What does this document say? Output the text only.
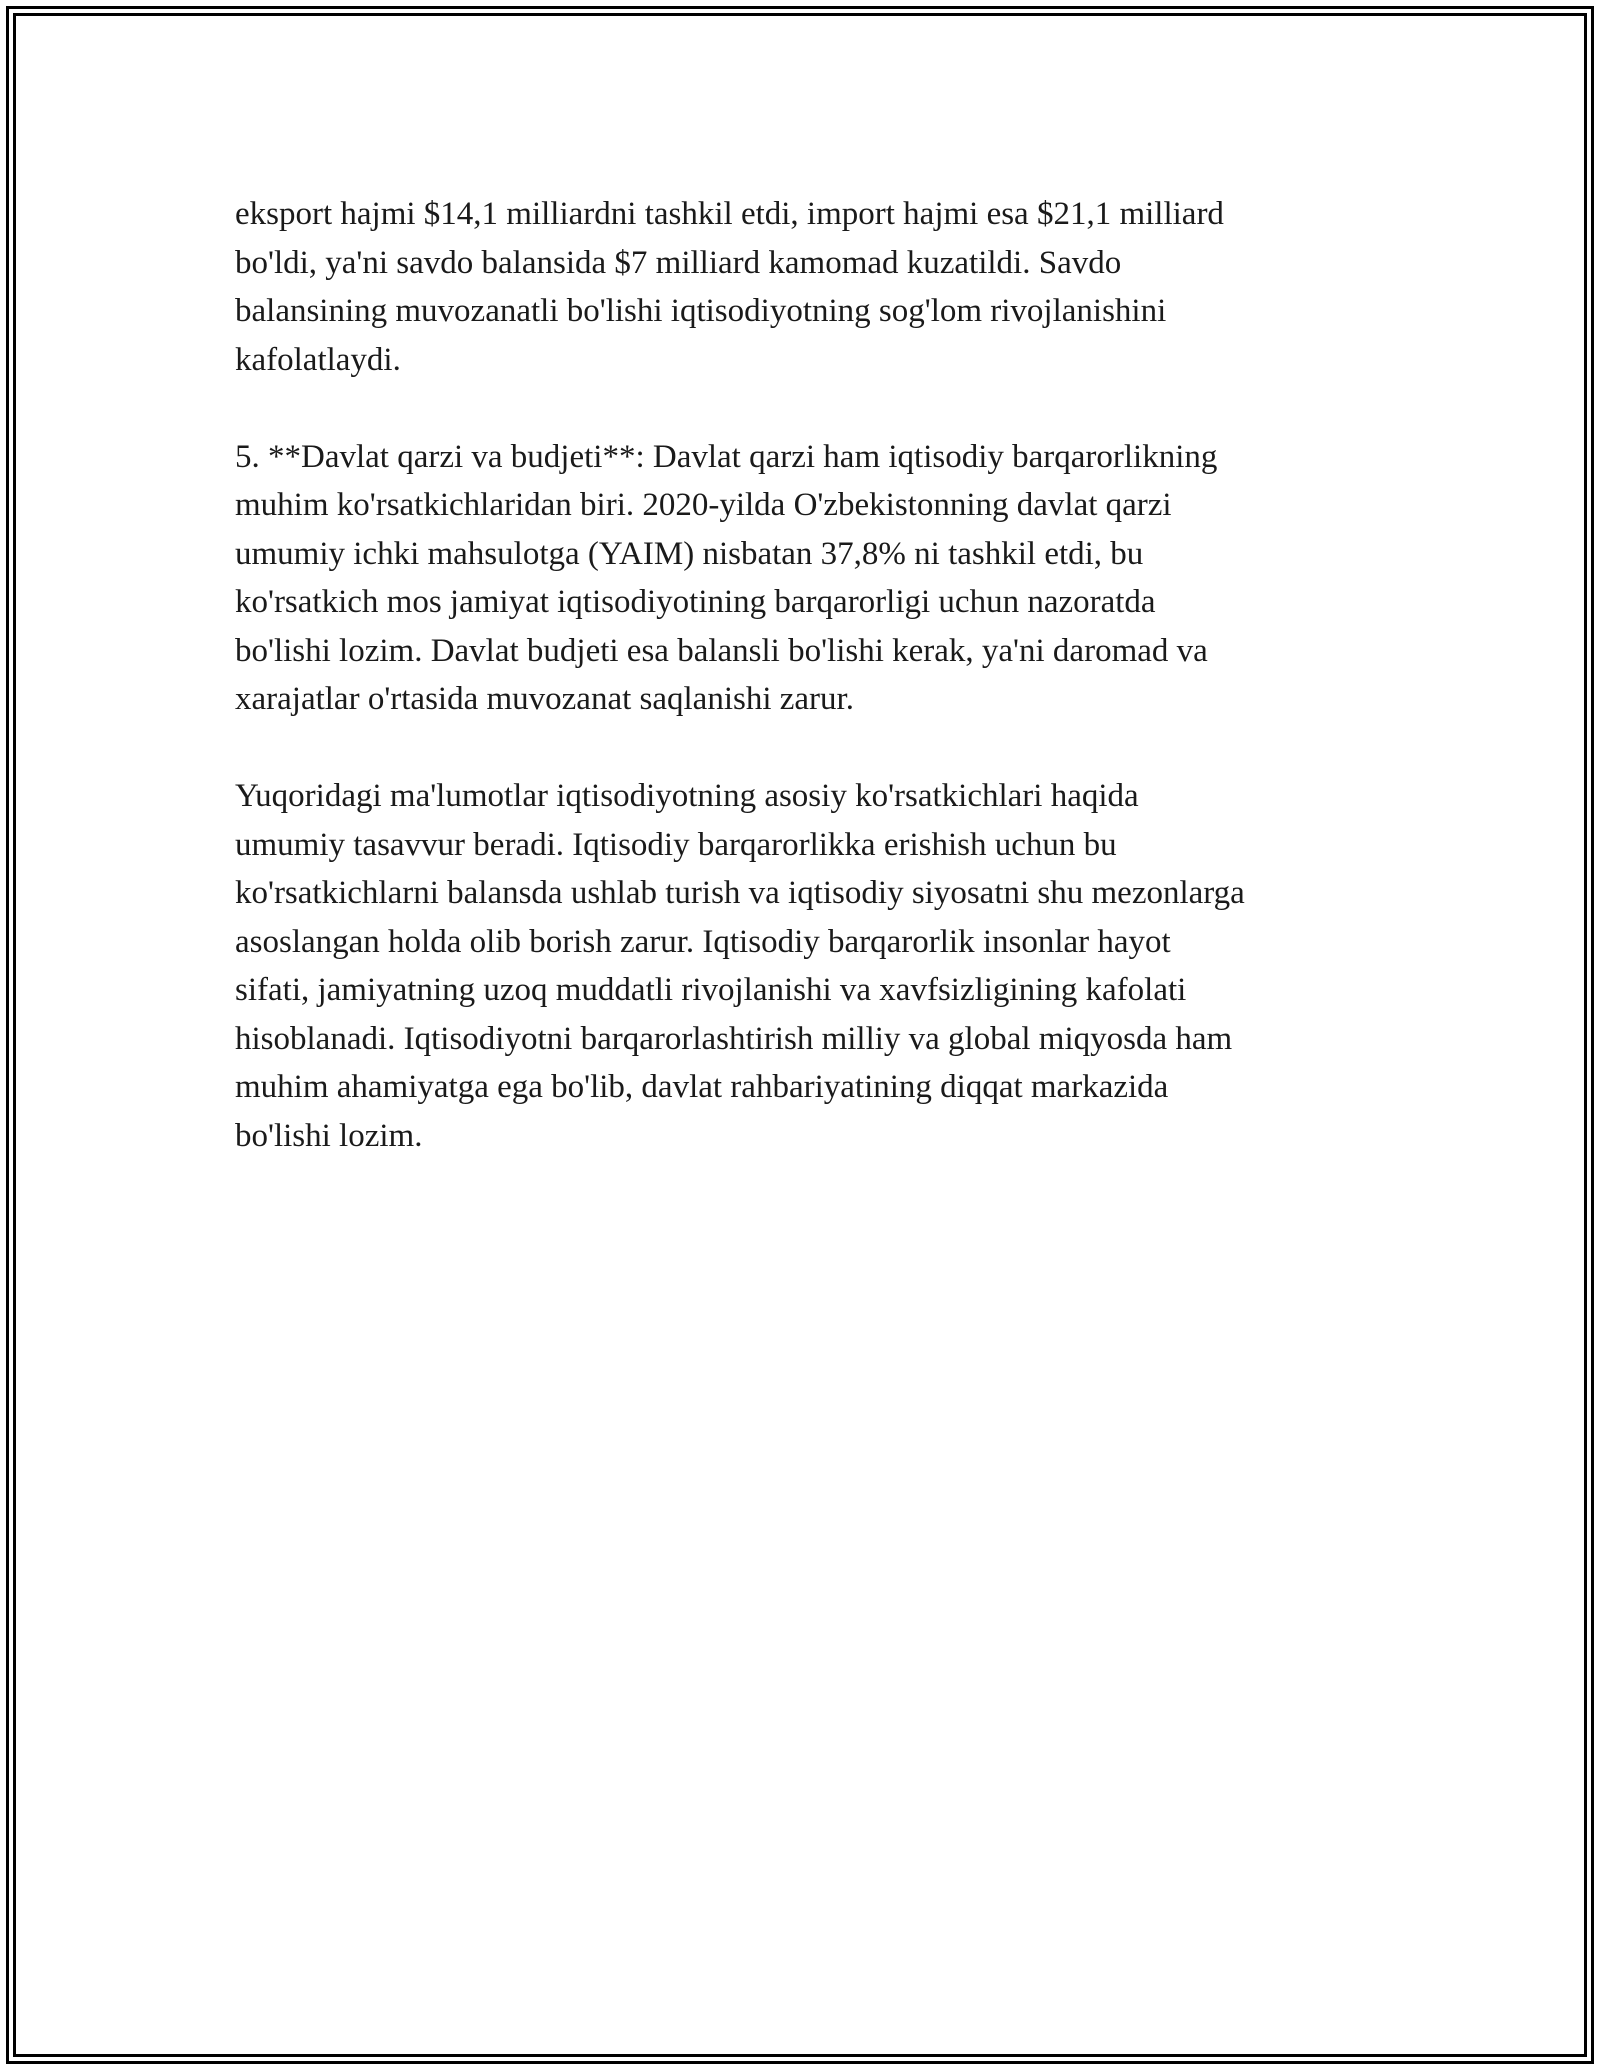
eksport hajmi $14,1 milliardni tashkil etdi, import hajmi esa $21,1 milliard
bo'ldi, ya'ni savdo balansida $7 milliard kamomad kuzatildi. Savdo
balansining muvozanatli bo'lishi iqtisodiyotning sog'lom rivojlanishini
kafolatlaydi.

5. **Davlat qarzi va budjeti**: Davlat qarzi ham iqtisodiy barqarorlikning
muhim ko'rsatkichlaridan biri. 2020-yilda O'zbekistonning davlat qarzi
umumiy ichki mahsulotga (YAIM) nisbatan 37,8% ni tashkil etdi, bu
ko'rsatkich mos jamiyat iqtisodiyotining barqarorligi uchun nazoratda
bo'lishi lozim. Davlat budjeti esa balansli bo'lishi kerak, ya'ni daromad va
xarajatlar o'rtasida muvozanat saqlanishi zarur.

Yuqoridagi ma'lumotlar iqtisodiyotning asosiy ko'rsatkichlari haqida
umumiy tasavvur beradi. Iqtisodiy barqarorlikka erishish uchun bu
ko'rsatkichlarni balansda ushlab turish va iqtisodiy siyosatni shu mezonlarga
asoslangan holda olib borish zarur. Iqtisodiy barqarorlik insonlar hayot
sifati, jamiyatning uzoq muddatli rivojlanishi va xavfsizligining kafolati
hisoblanadi. Iqtisodiyotni barqarorlashtirish milliy va global miqyosda ham
muhim ahamiyatga ega bo'lib, davlat rahbariyatining diqqat markazida
bo'lishi lozim.
